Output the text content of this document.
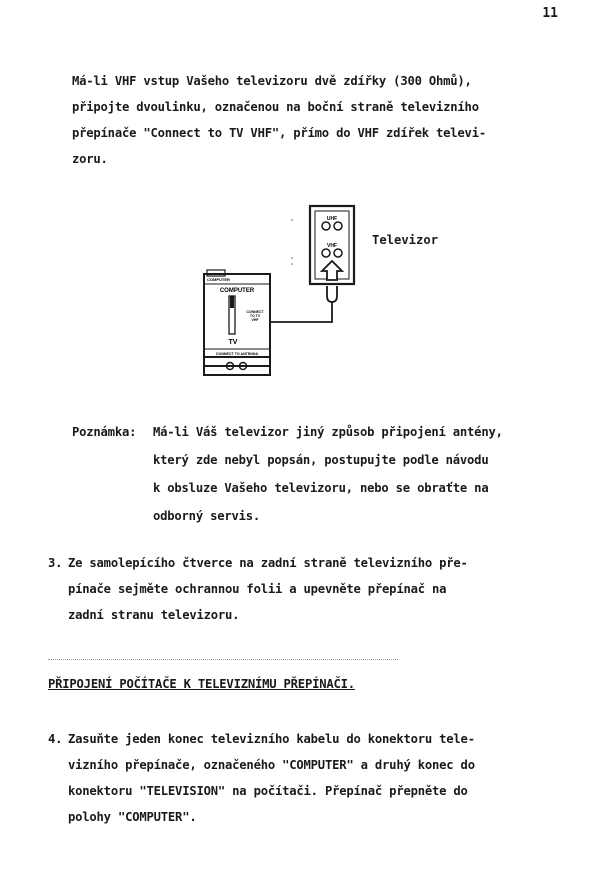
11
Má-li VHF vstup Vašeho televizoru dvě zdířky (300 Ohmů),
připojte dvoulinku, označenou na boční straně televizního
přepínače "Connect to TV VHF", přímo do VHF zdířek televi-
zoru.
UHF
VHF
COMPUTER
COMPUTER
CONNECT
TO TV
VHF
TV
CONNECT TO ANTENNA
Televizor
Poznámka: Má-li Váš televizor jiný způsob připojení antény,
který zde nebyl popsán, postupujte podle návodu
k obsluze Vašeho televizoru, nebo se obraťte na
odborný servis.
3. Ze samolepícího čtverce na zadní straně televizního pře-
pínače sejměte ochrannou folii a upevněte přepínač na
zadní stranu televizoru.
PŘIPOJENÍ POČÍTAČE K TELEVIZNÍMU PŘEPÍNAČI.
4. Zasuňte jeden konec televizního kabelu do konektoru tele-
vizního přepínače, označeného "COMPUTER" a druhý konec do
konektoru "TELEVISION" na počítači. Přepínač přepněte do
polohy "COMPUTER".
